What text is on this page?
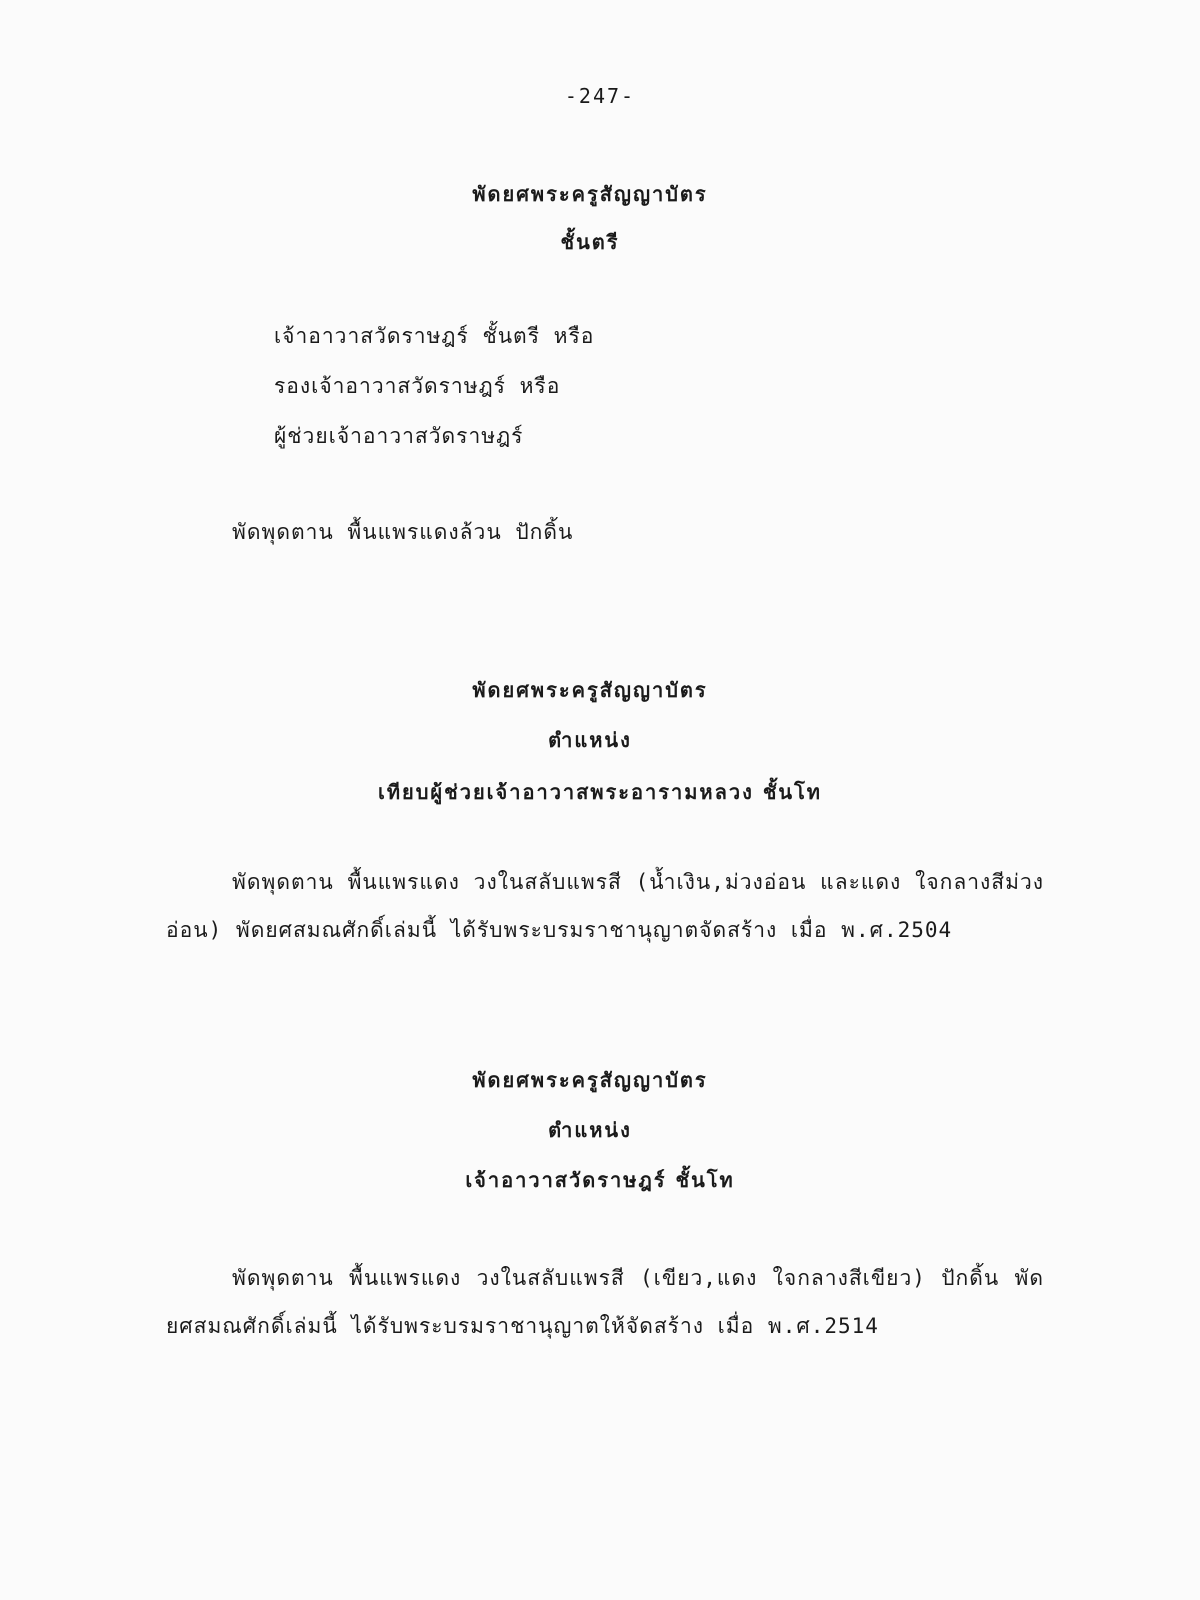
-247-
พัดยศพระครูสัญญาบัตร
ชั้นตรี
เจ้าอาวาสวัดราษฎร์ ชั้นตรี หรือ
รองเจ้าอาวาสวัดราษฎร์ หรือ
ผู้ช่วยเจ้าอาวาสวัดราษฎร์
พัดพุดตาน พื้นแพรแดงล้วน ปักดิ้น
พัดยศพระครูสัญญาบัตร
ตำแหน่ง
เทียบผู้ช่วยเจ้าอาวาสพระอารามหลวง ชั้นโท
พัดพุดตาน พื้นแพรแดง วงในสลับแพรสี (น้ำเงิน,ม่วงอ่อน และแดง ใจกลางสีม่วง
อ่อน) พัดยศสมณศักดิ์เล่มนี้ ได้รับพระบรมราชานุญาตจัดสร้าง เมื่อ พ.ศ.2504
พัดยศพระครูสัญญาบัตร
ตำแหน่ง
เจ้าอาวาสวัดราษฎร์ ชั้นโท
พัดพุดตาน พื้นแพรแดง วงในสลับแพรสี (เขียว,แดง ใจกลางสีเขียว) ปักดิ้น พัด
ยศสมณศักดิ์เล่มนี้ ได้รับพระบรมราชานุญาตให้จัดสร้าง เมื่อ พ.ศ.2514
